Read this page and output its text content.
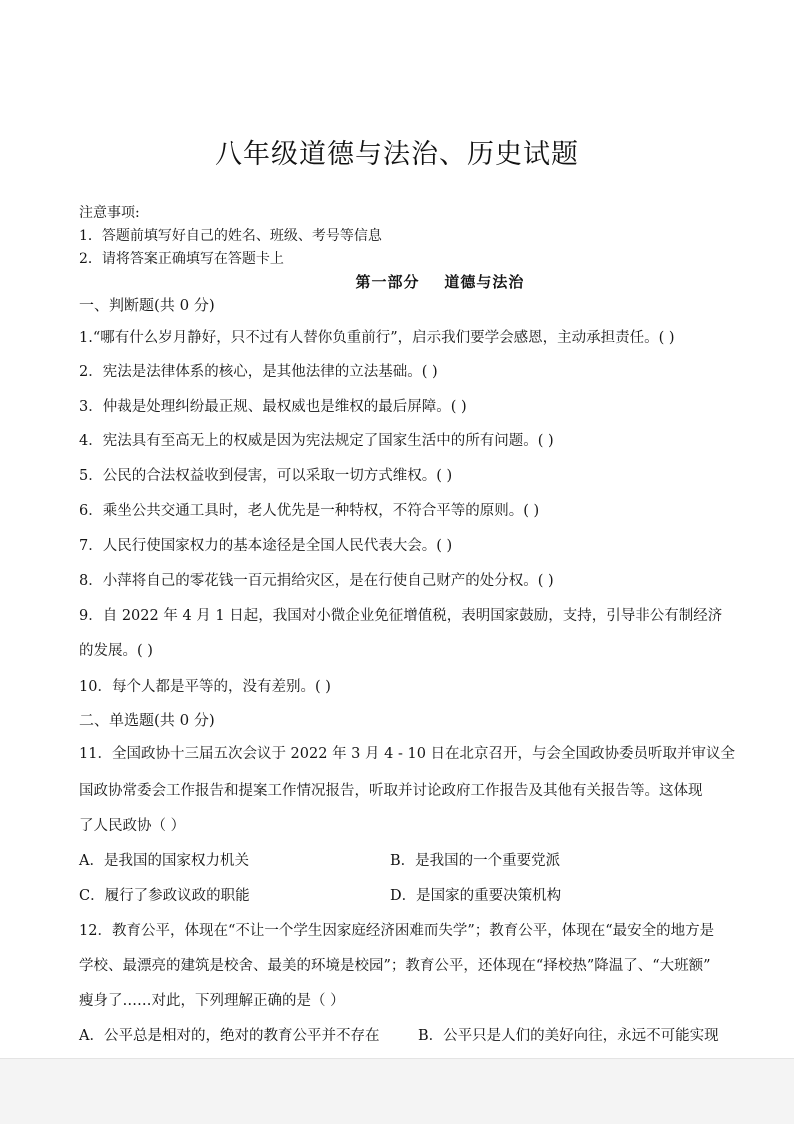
八年级道德与法治、历史试题
注意事项:
1．答题前填写好自己的姓名、班级、考号等信息
2．请将答案正确填写在答题卡上
第一部分    道德与法治
一、判断题(共 0 分)
1.“哪有什么岁月静好，只不过有人替你负重前行”，启示我们要学会感恩，主动承担责任。( )
2．宪法是法律体系的核心，是其他法律的立法基础。( )
3．仲裁是处理纠纷最正规、最权威也是维权的最后屏障。( )
4．宪法具有至高无上的权威是因为宪法规定了国家生活中的所有问题。( )
5．公民的合法权益收到侵害，可以采取一切方式维权。( )
6．乘坐公共交通工具时，老人优先是一种特权，不符合平等的原则。( )
7．人民行使国家权力的基本途径是全国人民代表大会。( )
8．小萍将自己的零花钱一百元捐给灾区，是在行使自己财产的处分权。( )
9．自 2022 年 4 月 1 日起，我国对小微企业免征增值税，表明国家鼓励，支持，引导非公有制经济
的发展。( )
10．每个人都是平等的，没有差别。( )
二、单选题(共 0 分)
11．全国政协十三届五次会议于 2022 年 3 月 4 - 10 日在北京召开，与会全国政协委员听取并审议全
国政协常委会工作报告和提案工作情况报告，听取并讨论政府工作报告及其他有关报告等。这体现
了人民政协（ ）
A．是我国的国家权力机关	B．是我国的一个重要党派
C．履行了参政议政的职能	D．是国家的重要决策机构
12．教育公平，体现在“不让一个学生因家庭经济困难而失学”；教育公平，体现在“最安全的地方是
学校、最漂亮的建筑是校舍、最美的环境是校园”；教育公平，还体现在“择校热”降温了、“大班额”
瘦身了……对此，下列理解正确的是（ ）
A．公平总是相对的，绝对的教育公平并不存在	B．公平只是人们的美好向往，永远不可能实现
